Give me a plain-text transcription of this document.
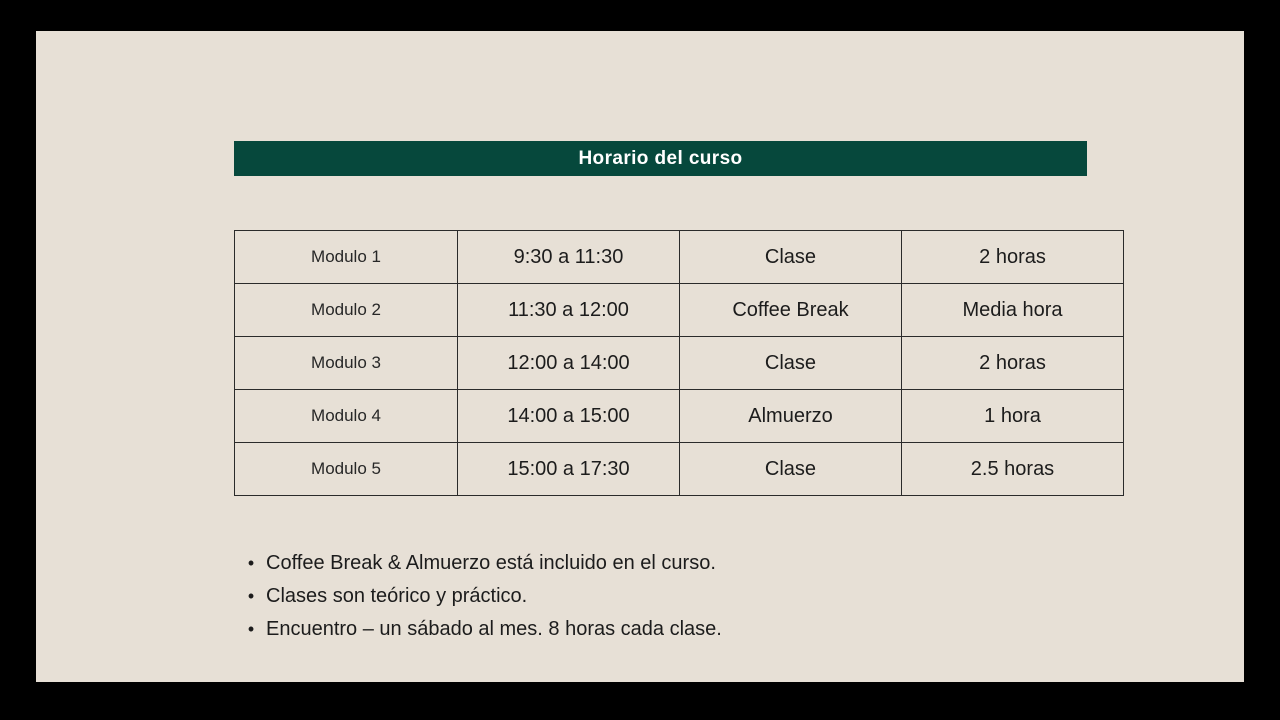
Horario del curso
Modulo 1	9:30 a 11:30	Clase	2 horas
Modulo 2	11:30 a 12:00	Coffee Break	Media hora
Modulo 3	12:00 a 14:00	Clase	2 horas
Modulo 4	14:00 a 15:00	Almuerzo	1 hora
Modulo 5	15:00 a 17:30	Clase	2.5 horas
• Coffee Break & Almuerzo está incluido en el curso.
• Clases son teórico y práctico.
• Encuentro – un sábado al mes. 8 horas cada clase.
